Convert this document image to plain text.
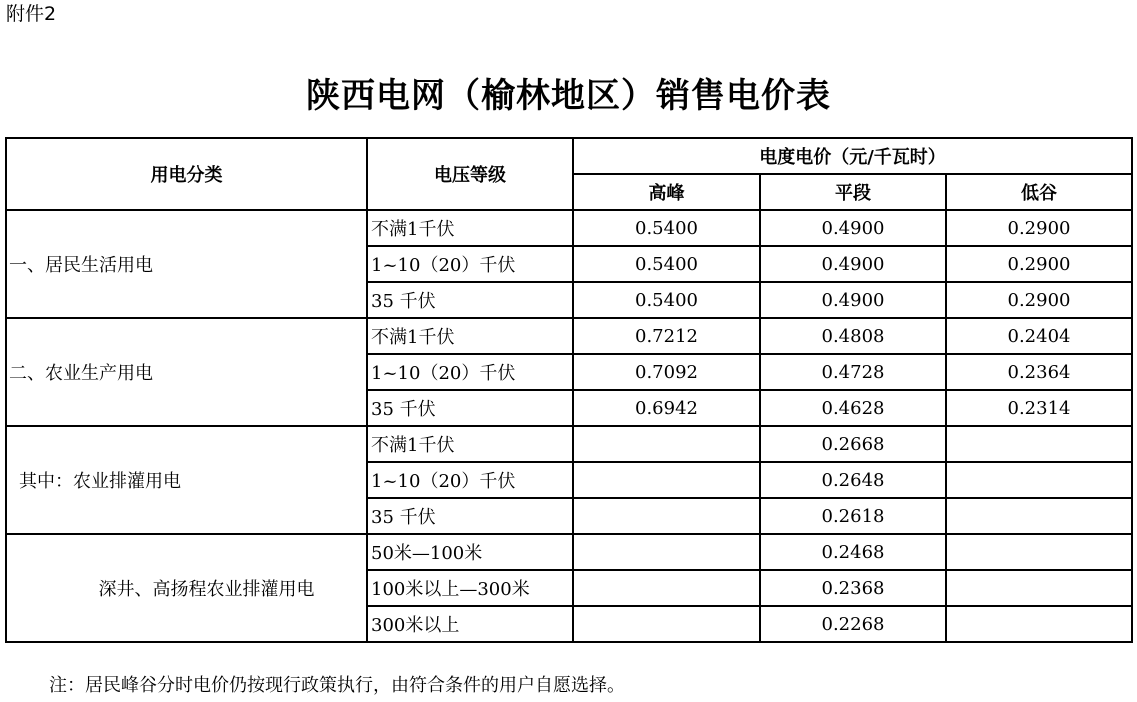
附件2
陕西电网（榆林地区）销售电价表
用电分类	电压等级	电度电价（元/千瓦时）		
		高峰	平段	低谷
一、居民生活用电	不满1千伏	0.5400	0.4900	0.2900
	1~10（20）千伏	0.5400	0.4900	0.2900
	35 千伏	0.5400	0.4900	0.2900
二、农业生产用电	不满1千伏	0.7212	0.4808	0.2404
	1~10（20）千伏	0.7092	0.4728	0.2364
	35 千伏	0.6942	0.4628	0.2314
其中：农业排灌用电	不满1千伏		0.2668	
	1~10（20）千伏		0.2648	
	35 千伏		0.2618	
深井、高扬程农业排灌用电	50米—100米		0.2468	
	100米以上—300米		0.2368	
	300米以上		0.2268	
注：居民峰谷分时电价仍按现行政策执行，由符合条件的用户自愿选择。
